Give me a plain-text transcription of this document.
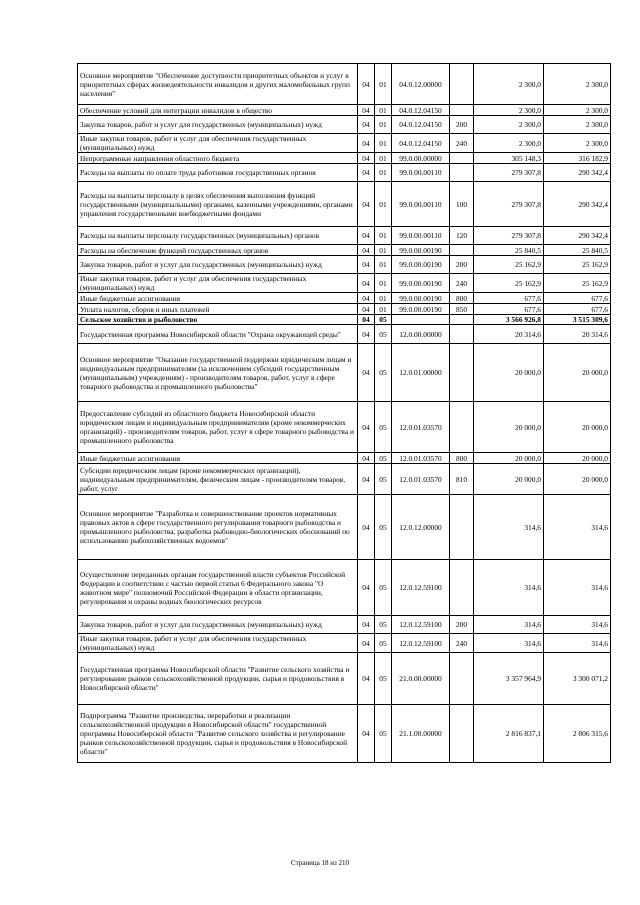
Основное мероприятие "Обеспечение доступности приоритетных объектов и услуг в приоритетных сферах жизнедеятельности инвалидов и других маломобильных групп населения"	04	01	04.0.12.00000		2 300,0	2 300,0
Обеспечение условий для интеграции инвалидов в общество	04	01	04.0.12.04150		2 300,0	2 300,0
Закупка товаров, работ и услуг для государственных (муниципальных) нужд	04	01	04.0.12.04150	200	2 300,0	2 300,0
Иные закупки товаров, работ и услуг для обеспечения государственных (муниципальных) нужд	04	01	04.0.12.04150	240	2 300,0	2 300,0
Непрограммные направления областного бюджета	04	01	99.0.00.00000		305 148,3	316 182,9
Расходы на выплаты по оплате труда работников государственных органов	04	01	99.0.00.00110		279 307,8	290 342,4
Расходы на выплаты персоналу в целях обеспечения выполнения функций государственными (муниципальными) органами, казенными учреждениями, органами управления государственными внебюджетными фондами	04	01	99.0.00.00110	100	279 307,8	290 342,4
Расходы на выплаты персоналу государственных (муниципальных) органов	04	01	99.0.00.00110	120	279 307,8	290 342,4
Расходы на обеспечение функций государственных органов	04	01	99.0.00.00190		25 840,5	25 840,5
Закупка товаров, работ и услуг для государственных (муниципальных) нужд	04	01	99.0.00.00190	200	25 162,9	25 162,9
Иные закупки товаров, работ и услуг для обеспечения государственных (муниципальных) нужд	04	01	99.0.00.00190	240	25 162,9	25 162,9
Иные бюджетные ассигнования	04	01	99.0.00.00190	800	677,6	677,6
Уплата налогов, сборов и иных платежей	04	01	99.0.00.00190	850	677,6	677,6
Сельское хозяйство и рыболовство	04	05			3 566 926,8	3 515 309,6
Государственная программа Новосибирской области "Охрана окружающей среды"	04	05	12.0.00.00000		20 314,6	20 314,6
Основное мероприятие "Оказание государственной поддержки юридическим лицам и индивидуальным предпринимателям (за исключением субсидий государственным (муниципальным) учреждениям) - производителям товаров, работ, услуг в сфере товарного рыбоводства и промышленного рыболовства"	04	05	12.0.01.00000		20 000,0	20 000,0
Предоставление субсидий из областного бюджета Новосибирской области юридическим лицам и индивидуальным предпринимателям (кроме некоммерческих организаций) - производителям товаров, работ, услуг в сфере товарного рыбоводства и промышленного рыболовства	04	05	12.0.01.03570		20 000,0	20 000,0
Иные бюджетные ассигнования	04	05	12.0.01.03570	800	20 000,0	20 000,0
Субсидии юридическим лицам (кроме некоммерческих организаций), индивидуальным предпринимателям, физическим лицам - производителям товаров, работ, услуг	04	05	12.0.01.03570	810	20 000,0	20 000,0
Основное мероприятие "Разработка и совершенствование проектов нормативных правовых актов в сфере государственного регулирования товарного рыбоводства и промышленного рыболовства, разработка рыбоводно-биологических обоснований по использованию рыбохозяйственных водоемов"	04	05	12.0.12.00000		314,6	314,6
Осуществление переданных органам государственной власти субъектов Российской Федерации в соответствии с частью первой статьи 6 Федерального закона "О животном мире" полномочий Российской Федерации в области организации, регулирования и охраны водных биологических ресурсов	04	05	12.0.12.59100		314,6	314,6
Закупка товаров, работ и услуг для государственных (муниципальных) нужд	04	05	12.0.12.59100	200	314,6	314,6
Иные закупки товаров, работ и услуг для обеспечения государственных (муниципальных) нужд	04	05	12.0.12.59100	240	314,6	314,6
Государственная программа Новосибирской области "Развитие сельского хозяйства и регулирование рынков сельскохозяйственной продукции, сырья и продовольствия в Новосибирской области"	04	05	21.0.00.00000		3 357 964,9	3 300 071,2
Подпрограмма "Развитие производства, переработки и реализации сельскохозяйственной продукции в Новосибирской области" государственной программы Новосибирской области "Развитие сельского хозяйства и регулирование рынков сельскохозяйственной продукции, сырья и продовольствия в Новосибирской области"	04	05	21.1.00.00000		2 816 837,1	2 806 315,6
Страница 18 из 210
